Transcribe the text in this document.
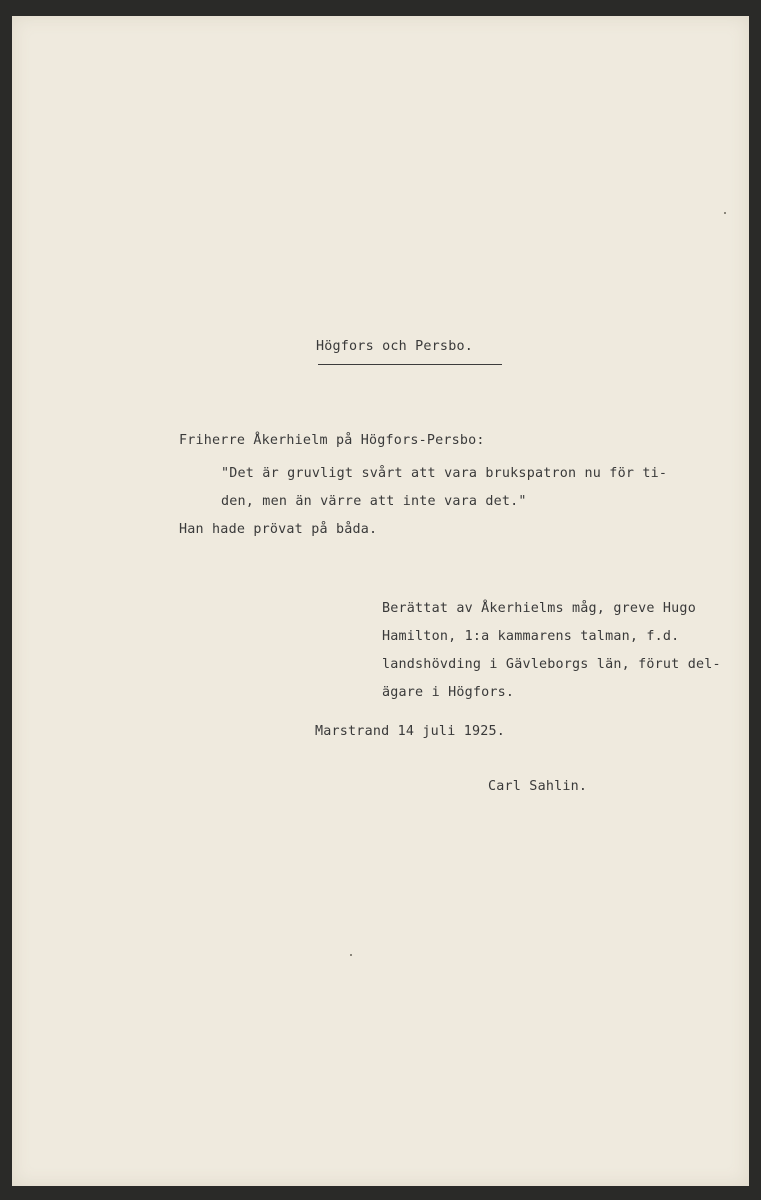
Högfors och Persbo.

Friherre Åkerhielm på Högfors-Persbo:

"Det är gruvligt svårt att vara brukspatron nu för ti-

den, men än värre att inte vara det."

Han hade prövat på båda.

Berättat av Åkerhielms måg, greve Hugo

Hamilton, 1:a kammarens talman, f.d.

landshövding i Gävleborgs län, förut del-

ägare i Högfors.

Marstrand 14 juli 1925.

Carl Sahlin.
